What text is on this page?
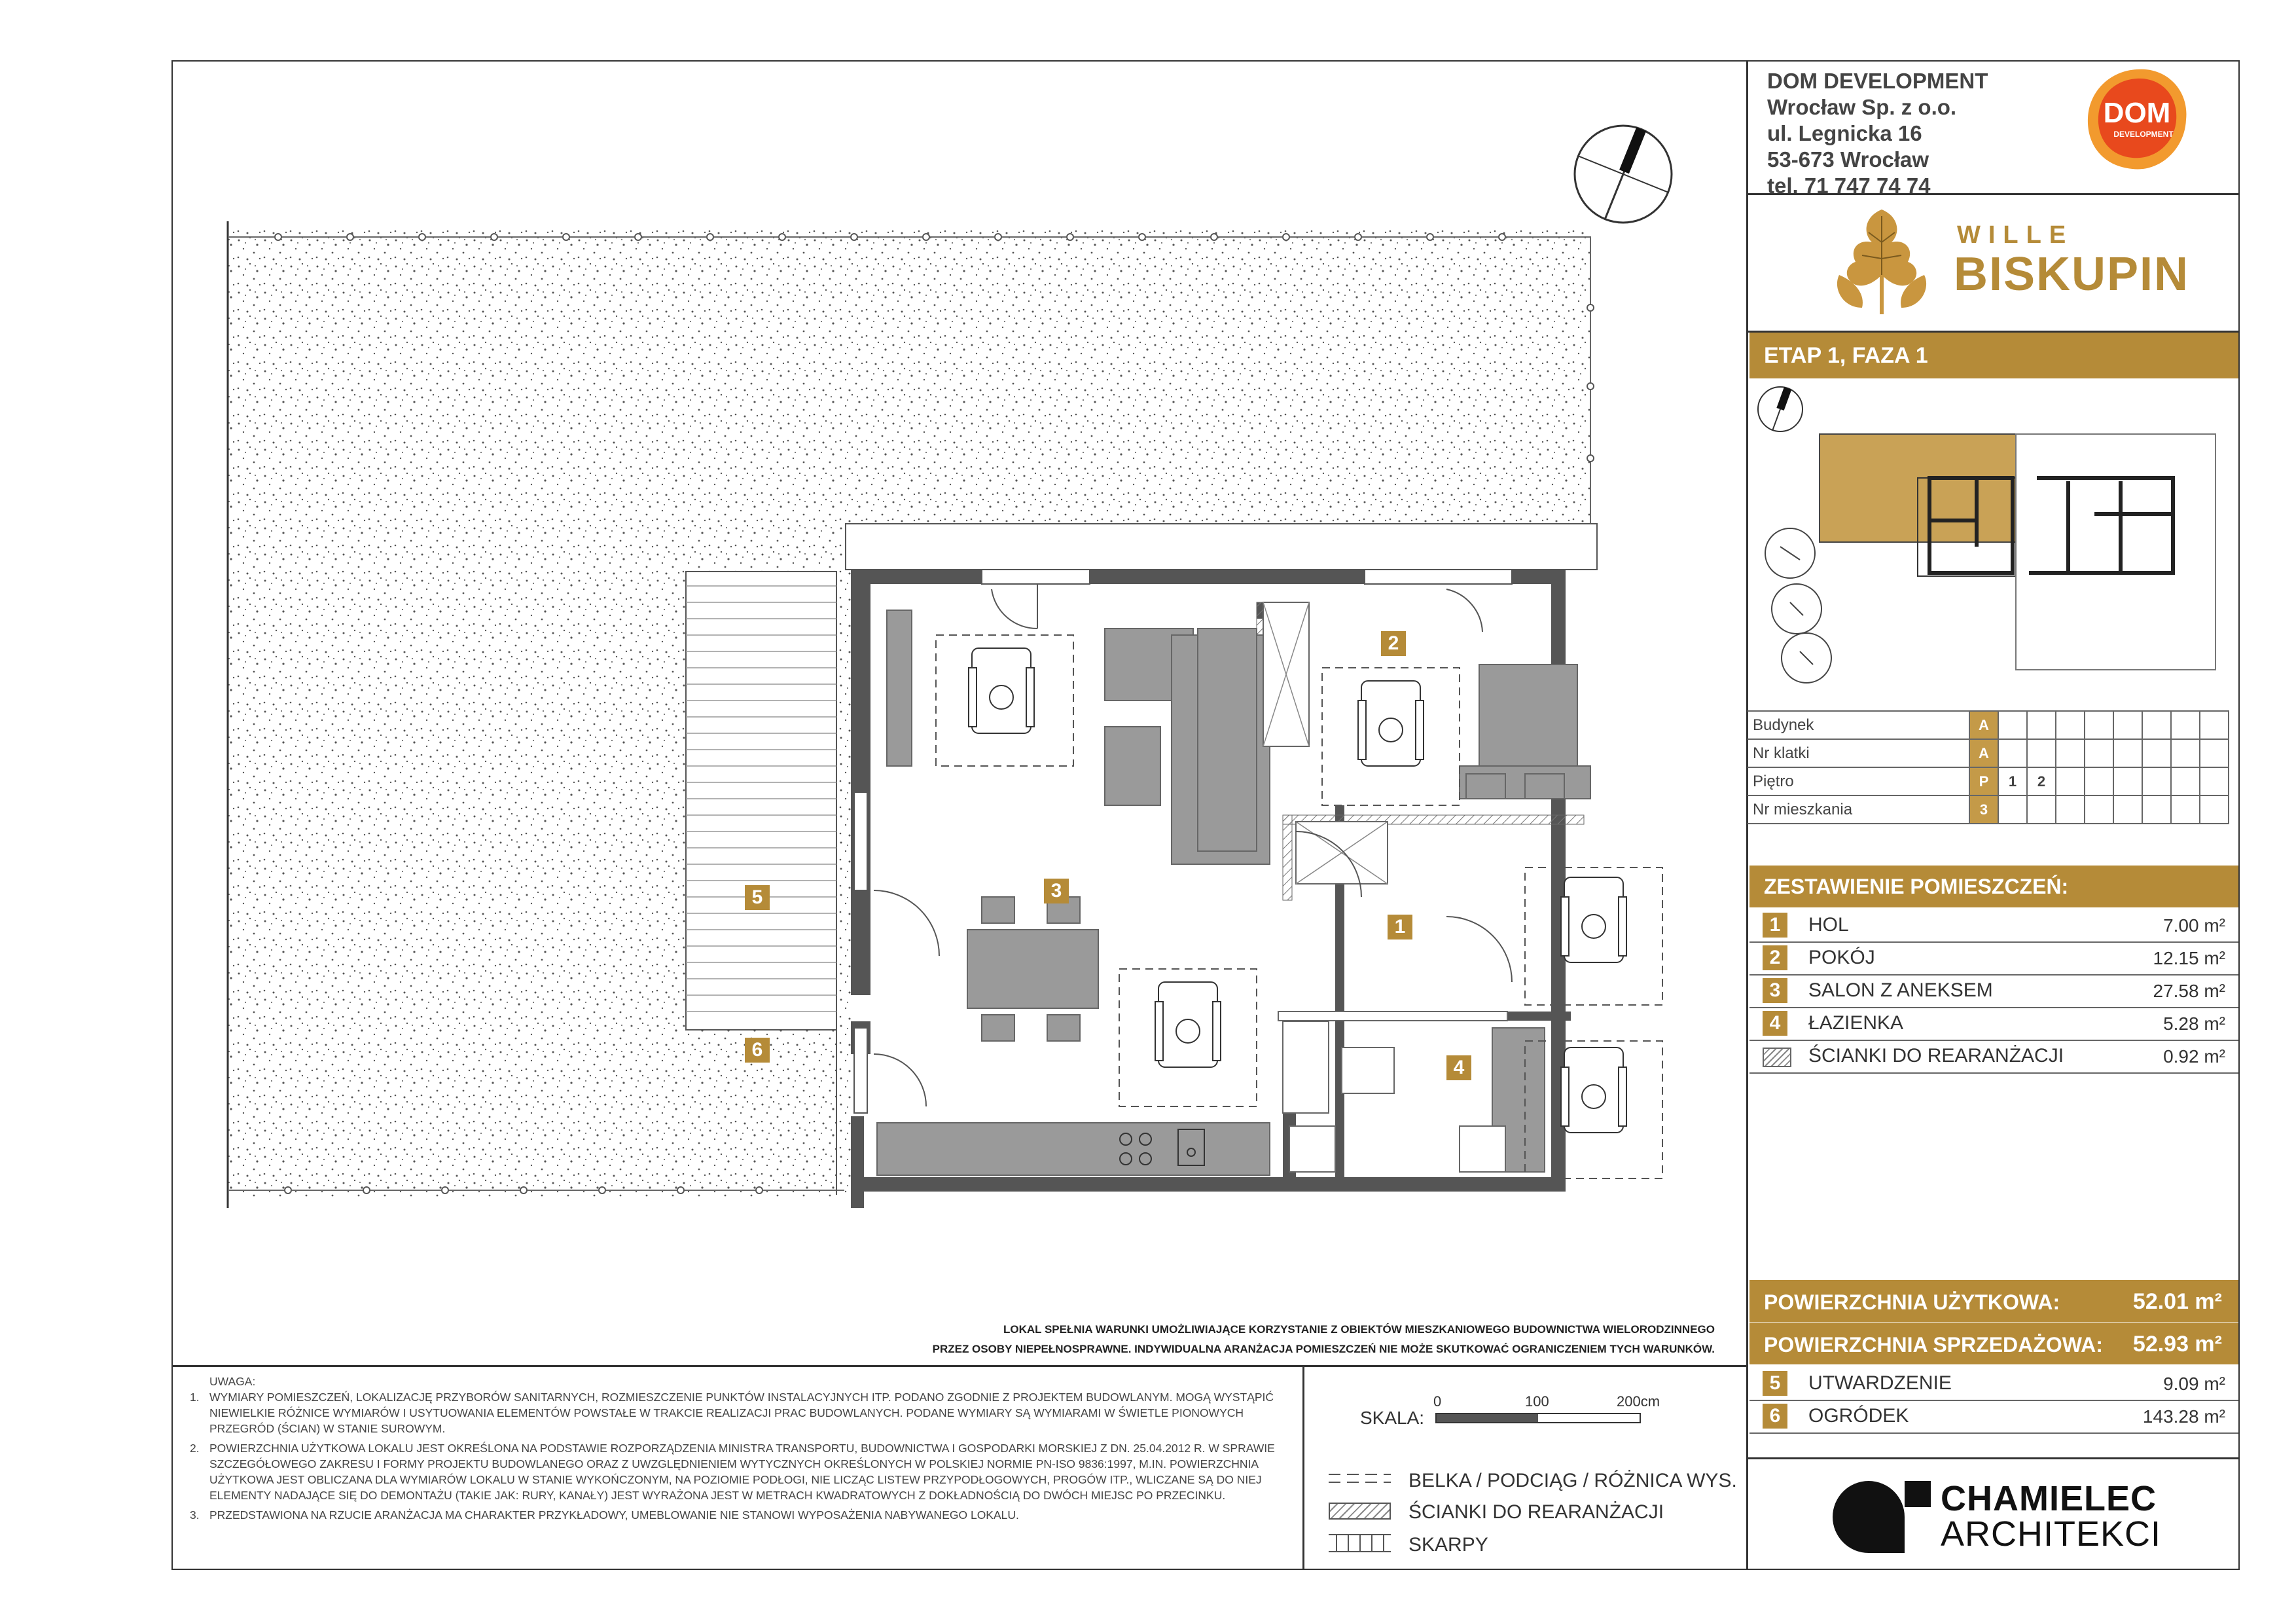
DOM DEVELOPMENT
Wrocław Sp. z o.o.
ul. Legnicka 16
53-673 Wrocław
tel. 71 747 74 74
DOM
DEVELOPMENT
WILLE
BISKUPIN
ETAP 1, FAZA 1
Budynek	A								
Nr klatki	A								
Piętro	P	1	2						
Nr mieszkania	3								
ZESTAWIENIE POMIESZCZEŃ:
1	HOL	7.00 m²
2	POKÓJ	12.15 m²
3	SALON Z ANEKSEM	27.58 m²
4	ŁAZIENKA	5.28 m²
ŚCIANKI DO REARANŻACJI	0.92 m²
POWIERZCHNIA UŻYTKOWA:	52.01 m²
POWIERZCHNIA SPRZEDAŻOWA: 52.93 m²
5	UTWARDZENIE	9.09 m²
6	OGRÓDEK	143.28 m²
CHAMIELEC
ARCHITEKCI
1
2
3
4
5
6
LOKAL SPEŁNIA WARUNKI UMOŻLIWIAJĄCE KORZYSTANIE Z OBIEKTÓW MIESZKANIOWEGO BUDOWNICTWA WIELORODZINNEGO
PRZEZ OSOBY NIEPEŁNOSPRAWNE. INDYWIDUALNA ARANŻACJA POMIESZCZEŃ NIE MOŻE SKUTKOWAĆ OGRANICZENIEM TYCH WARUNKÓW.
UWAGA:
1. WYMIARY POMIESZCZEŃ, LOKALIZACJĘ PRZYBORÓW SANITARNYCH, ROZMIESZCZENIE PUNKTÓW INSTALACYJNYCH ITP. PODANO ZGODNIE Z PROJEKTEM BUDOWLANYM. MOGĄ WYSTĄPIĆ NIEWIELKIE RÓŻNICE WYMIARÓW I USYTUOWANIA ELEMENTÓW POWSTAŁE W TRAKCIE REALIZACJI PRAC BUDOWLANYCH. PODANE WYMIARY SĄ WYMIARAMI W ŚWIETLE PIONOWYCH PRZEGRÓD (ŚCIAN) W STANIE SUROWYM.
2. POWIERZCHNIA UŻYTKOWA LOKALU JEST OKREŚLONA NA PODSTAWIE ROZPORZĄDZENIA MINISTRA TRANSPORTU, BUDOWNICTWA I GOSPODARKI MORSKIEJ Z DN. 25.04.2012 R. W SPRAWIE SZCZEGÓŁOWEGO ZAKRESU I FORMY PROJEKTU BUDOWLANEGO ORAZ Z UWZGLĘDNIENIEM WYTYCZNYCH OKREŚLONYCH W POLSKIEJ NORMIE PN-ISO 9836:1997, M.IN. POWIERZCHNIA UŻYTKOWA JEST OBLICZANA DLA WYMIARÓW LOKALU W STANIE WYKOŃCZONYM, NA POZIOMIE PODŁOGI, NIE LICZĄC LISTEW PRZYPODŁOGOWYCH, PROGÓW ITP., WLICZANE SĄ DO NIEJ ELEMENTY NADAJĄCE SIĘ DO DEMONTAŻU (TAKIE JAK: RURY, KANAŁY) JEST WYRAŻONA JEST W METRACH KWADRATOWYCH Z DOKŁADNOŚCIĄ DO DWÓCH MIEJSC PO PRZECINKU.
3. PRZEDSTAWIONA NA RZUCIE ARANŻACJA MA CHARAKTER PRZYKŁADOWY, UMEBLOWANIE NIE STANOWI WYPOSAŻENIA NABYWANEGO LOKALU.
SKALA:
0	100	200cm
BELKA / PODCIĄG / RÓŻNICA WYS.
ŚCIANKI DO REARANŻACJI
SKARPY
